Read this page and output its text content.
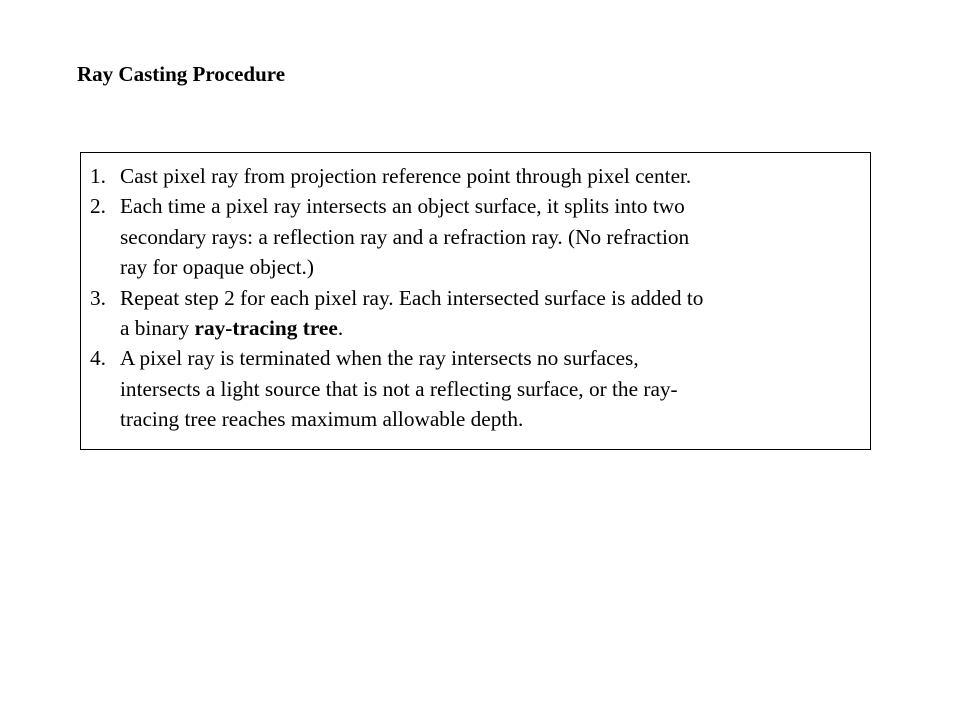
Ray Casting Procedure
1. Cast pixel ray from projection reference point through pixel center.
2. Each time a pixel ray intersects an object surface, it splits into two
secondary rays: a reflection ray and a refraction ray. (No refraction
ray for opaque object.)
3. Repeat step 2 for each pixel ray. Each intersected surface is added to
a binary ray-tracing tree.
4. A pixel ray is terminated when the ray intersects no surfaces,
intersects a light source that is not a reflecting surface, or the ray-
tracing tree reaches maximum allowable depth.
